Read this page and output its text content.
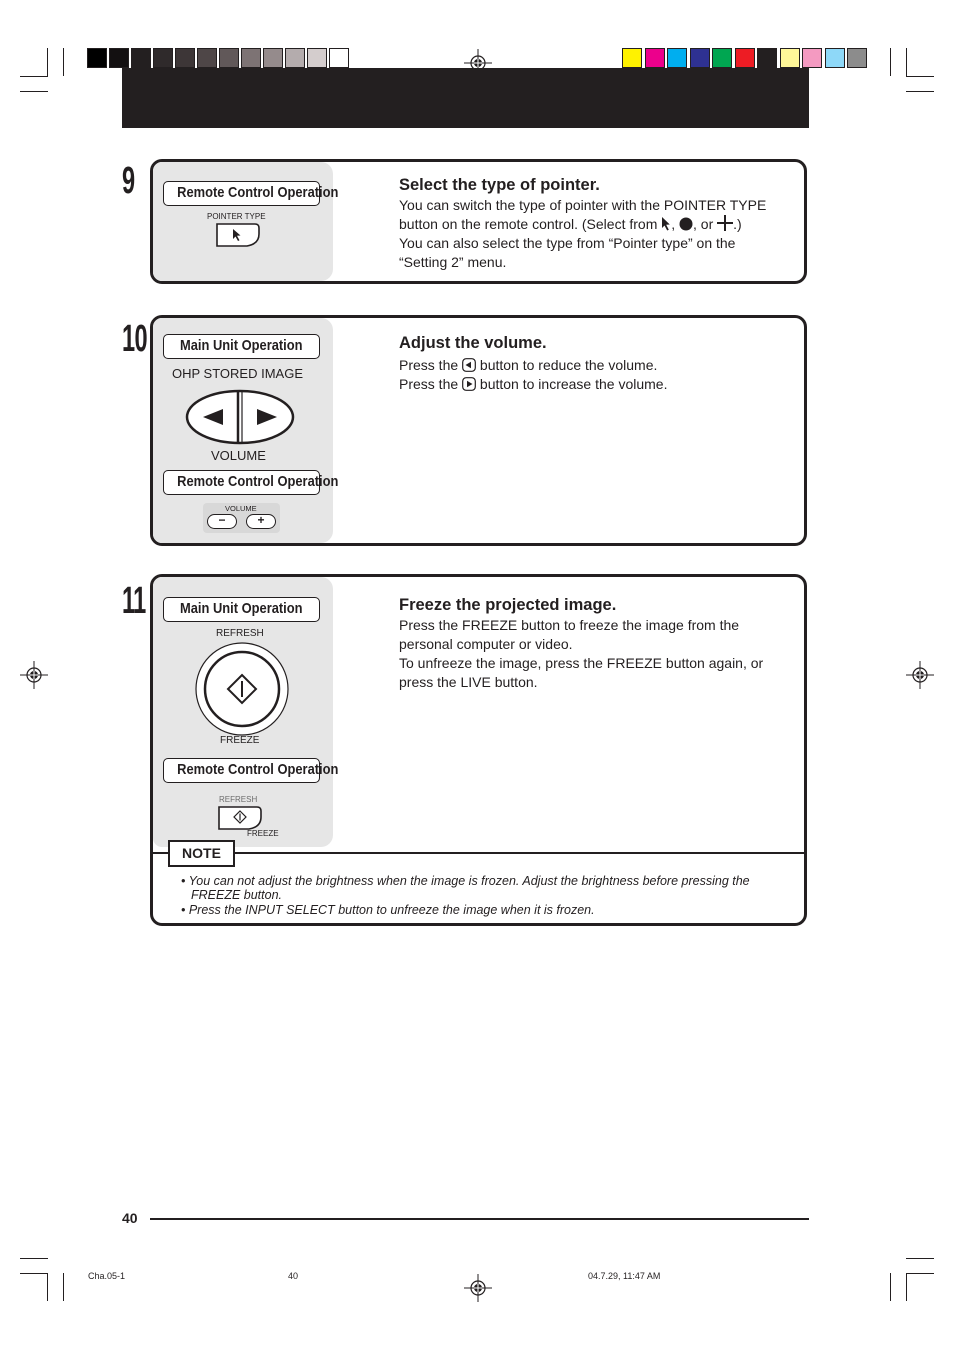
9	Remote Control Operation
POINTER TYPE
Select the type of pointer.
You can switch the type of pointer with the POINTER TYPE
button on the remote control. (Select from , , or .)
You can also select the type from “Pointer type” on the
“Setting 2” menu.
10	Main Unit Operation
OHP STORED IMAGE
VOLUME
Remote Control Operation
VOLUME
−	+
Adjust the volume.
Press the button to reduce the volume.
Press the button to increase the volume.
11	Main Unit Operation
REFRESH
FREEZE
Remote Control Operation
REFRESH
FREEZE
Freeze the projected image.
Press the FREEZE button to freeze the image from the
personal computer or video.
To unfreeze the image, press the FREEZE button again, or
press the LIVE button.
NOTE
• You can not adjust the brightness when the image is frozen. Adjust the brightness before pressing the
FREEZE button.
• Press the INPUT SELECT button to unfreeze the image when it is frozen.
40
Cha.05-1	40	04.7.29, 11:47 AM
